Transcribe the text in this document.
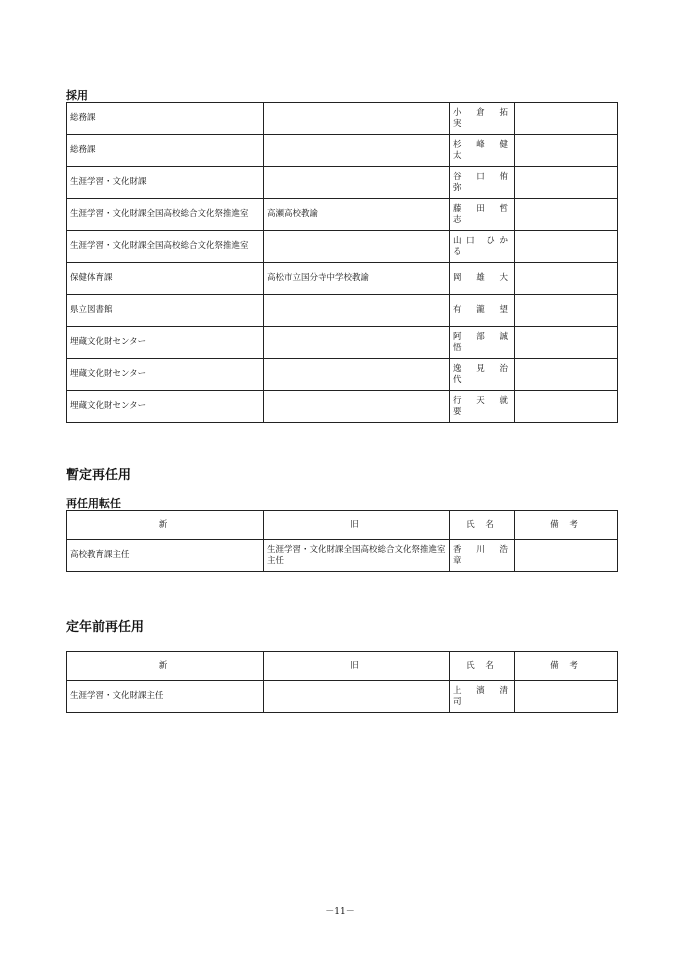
採用
総務課		小 倉 拓 実	
総務課		杉 峰 健 太	
生涯学習・文化財課		谷 口 侑 弥	
生涯学習・文化財課全国高校総合文化祭推進室	高瀬高校教諭	藤 田 哲 志	
生涯学習・文化財課全国高校総合文化祭推進室		山口 ひかる	
保健体育課	高松市立国分寺中学校教諭	岡 雄 大	
県立図書館		有 瀧 望	
埋蔵文化財センター		阿 部 誠 悟	
埋蔵文化財センター		逸 見 治 代	
埋蔵文化財センター		行 天 就 要	
暫定再任用
再任用転任
新	旧	氏 名	備 考
高校教育課主任	生涯学習・文化財課全国高校総合文化祭推進室主任	香 川 浩 章	
定年前再任用
新	旧	氏 名	備 考
生涯学習・文化財課主任		上 濱 清 司	
－11－
